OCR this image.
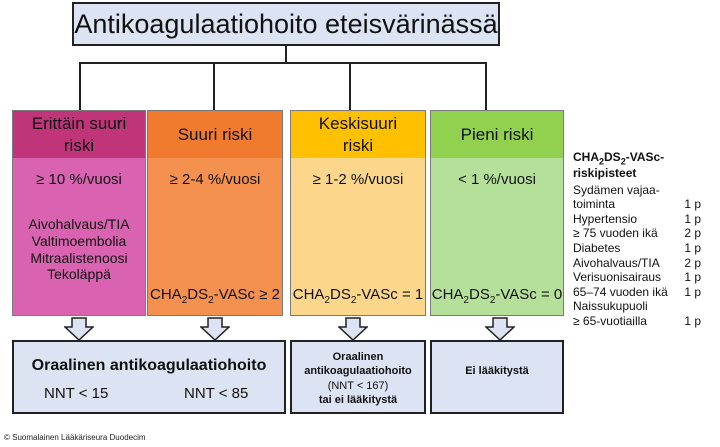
Antikoagulaatiohoito eteisvärinässä
Erittäin suuri riski
≥ 10 %/vuosi
Aivohalvaus/TIA
Valtimoembolia
Mitraalistenoosi
Tekoläppä
Suuri riski
≥ 2-4 %/vuosi
$CHA_2DS_2$-VASc ≥ 2
Keskisuuri riski
≥ 1-2 %/vuosi
$CHA_2DS_2$-VASc = 1
Pieni riski
< 1 %/vuosi
$CHA_2DS_2$-VASc = 0
Oraalinen antikoagulaatiohoito
NNT < 15	NNT < 85
Oraalinen
antikoagulaatiohoito
(NNT < 167)
tai ei lääkitystä
Ei lääkitystä
$CHA_2DS_2-VASc-$
riskipisteet
Sydämen vajaa-
toiminta	1 p
Hypertensio	1 p
≥ 75 vuoden ikä	2 p
Diabetes	1 p
Aivohalvaus/TIA	2 p
Verisuonisairaus	1 p
65–74 vuoden ikä	1 p
Naissukupuoli
≥ 65-vuotiailla	1 p
© Suomalainen Lääkäriseura Duodecim
